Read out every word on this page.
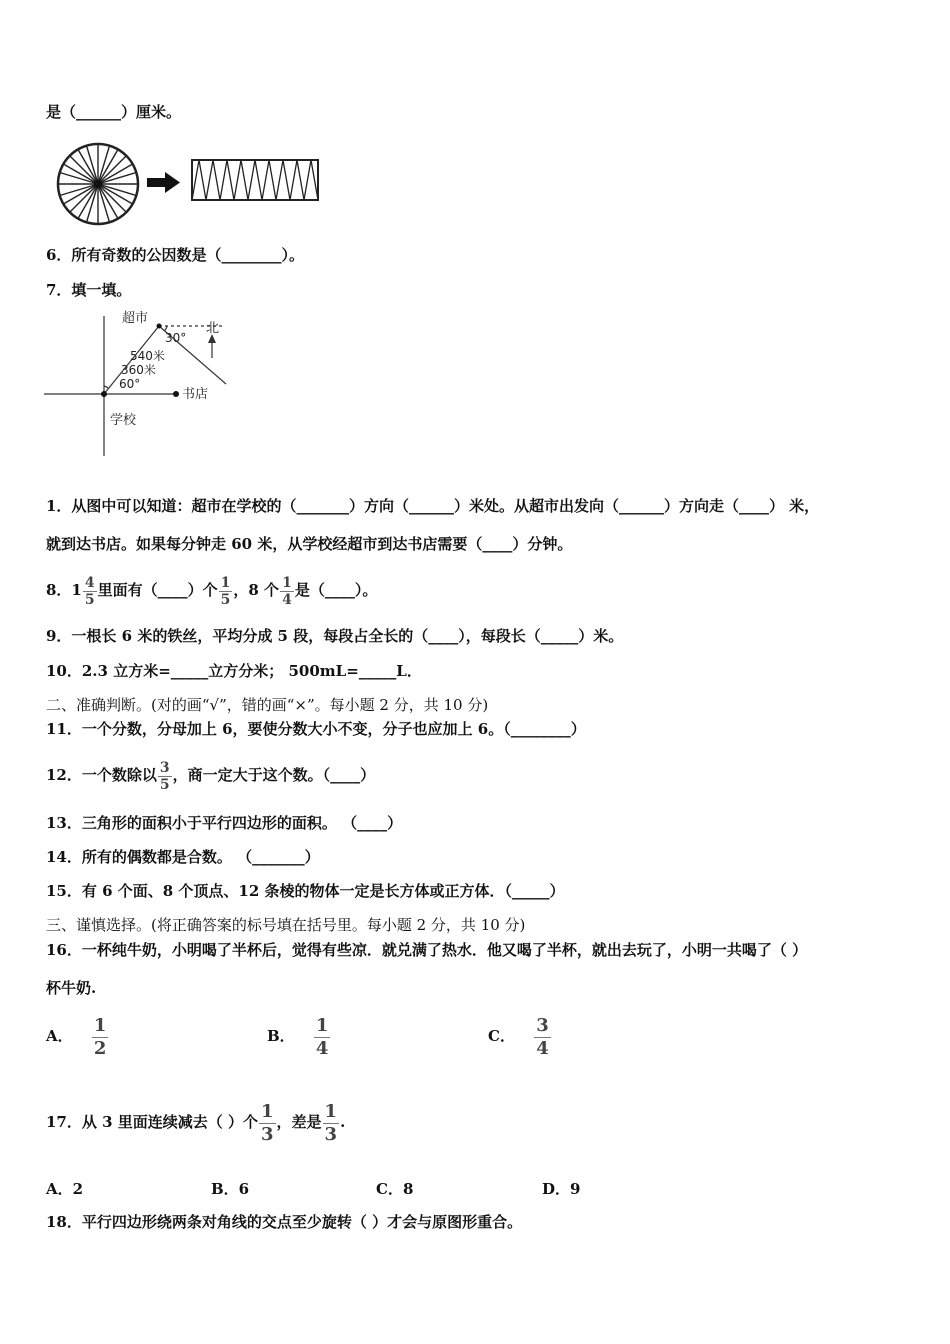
是（______）厘米。
6．所有奇数的公因数是（________）。
7．填一填。
超市
北
30°
540米
360米
60°
书店
学校
1．从图中可以知道：超市在学校的（_______）方向（______）米处。从超市出发向（______）方向走（____） 米，
就到达书店。如果每分钟走 60 米，从学校经超市到达书店需要（____）分钟。
8．$1 \frac{4}{5}$ 里面有（____）个 $\frac{1}{5}$ ，8 个 $\frac{1}{4}$ 是（____）。
9．一根长 6 米的铁丝，平均分成 5 段，每段占全长的（____），每段长（_____）米。
10．2.3 立方米=_____立方分米； 500mL=_____L．
二、准确判断。(对的画“√”，错的画“×”。每小题 2 分，共 10 分)
11．一个分数，分母加上 6，要使分数大小不变，分子也应加上 6。（________）
12．一个数除以 $\frac{3}{5}$ ，商一定大于这个数。（____）
13．三角形的面积小于平行四边形的面积。 （____）
14．所有的偶数都是合数。 （_______）
15．有 6 个面、8 个顶点、12 条棱的物体一定是长方体或正方体．（_____）
三、谨慎选择。(将正确答案的标号填在括号里。每小题 2 分，共 10 分)
16．一杯纯牛奶，小明喝了半杯后，觉得有些凉．就兑满了热水．他又喝了半杯，就出去玩了，小明一共喝了（ ）
杯牛奶.
A． $\frac{1}{2}$	B． $\frac{1}{4}$	C． $\frac{3}{4}$
17．从 3 里面连续减去（ ）个 $\frac{1}{3}$ ，差是 $\frac{1}{3}$ .
A．2	B．6	C．8	D．9
18．平行四边形绕两条对角线的交点至少旋转（ ）才会与原图形重合。
